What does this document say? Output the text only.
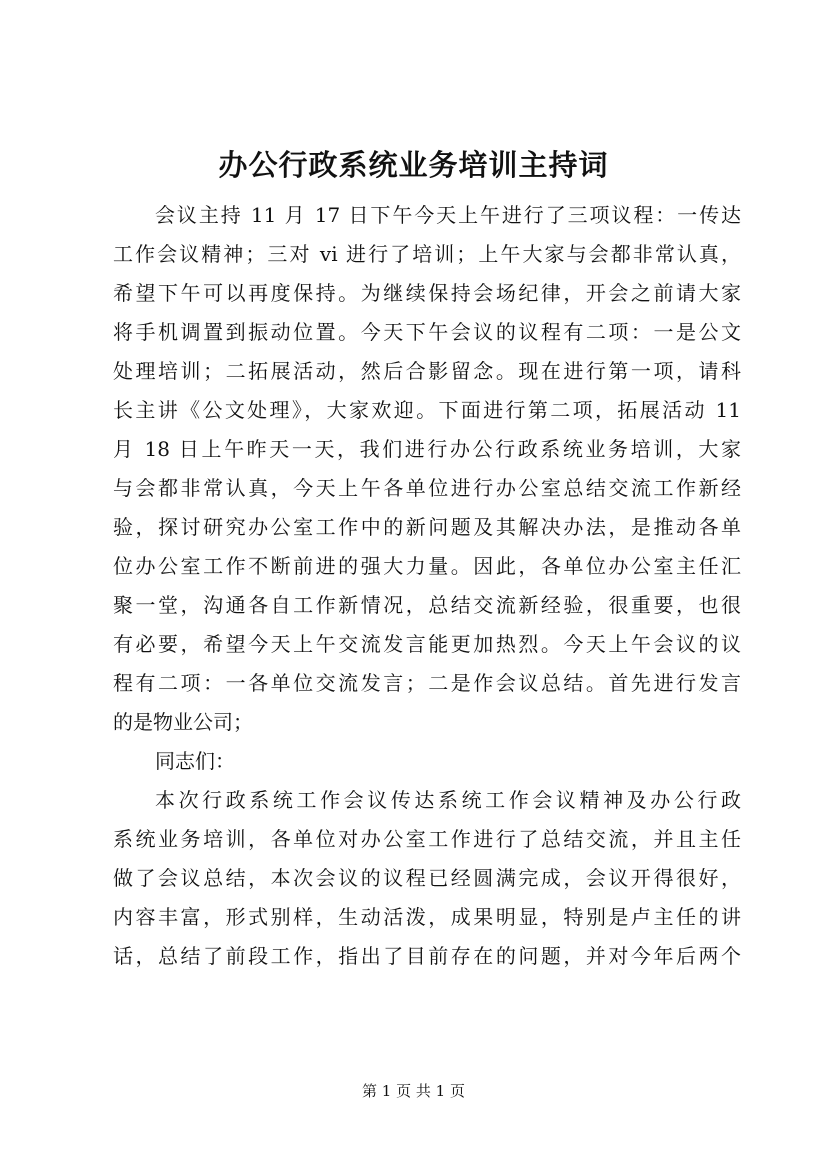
办公行政系统业务培训主持词
会议主持 11 月 17 日下午今天上午进行了三项议程：一传达
工作会议精神；三对 vi 进行了培训；上午大家与会都非常认真，
希望下午可以再度保持。为继续保持会场纪律，开会之前请大家
将手机调置到振动位置。今天下午会议的议程有二项：一是公文
处理培训；二拓展活动，然后合影留念。现在进行第一项，请科
长主讲《公文处理》，大家欢迎。下面进行第二项，拓展活动 11
月 18 日上午昨天一天，我们进行办公行政系统业务培训，大家
与会都非常认真，今天上午各单位进行办公室总结交流工作新经
验，探讨研究办公室工作中的新问题及其解决办法，是推动各单
位办公室工作不断前进的强大力量。因此，各单位办公室主任汇
聚一堂，沟通各自工作新情况，总结交流新经验，很重要，也很
有必要，希望今天上午交流发言能更加热烈。今天上午会议的议
程有二项：一各单位交流发言；二是作会议总结。首先进行发言
的是物业公司；
同志们：
本次行政系统工作会议传达系统工作会议精神及办公行政
系统业务培训，各单位对办公室工作进行了总结交流，并且主任
做了会议总结，本次会议的议程已经圆满完成，会议开得很好，
内容丰富，形式别样，生动活泼，成果明显，特别是卢主任的讲
话，总结了前段工作，指出了目前存在的问题，并对今年后两个
第 1 页 共 1 页
